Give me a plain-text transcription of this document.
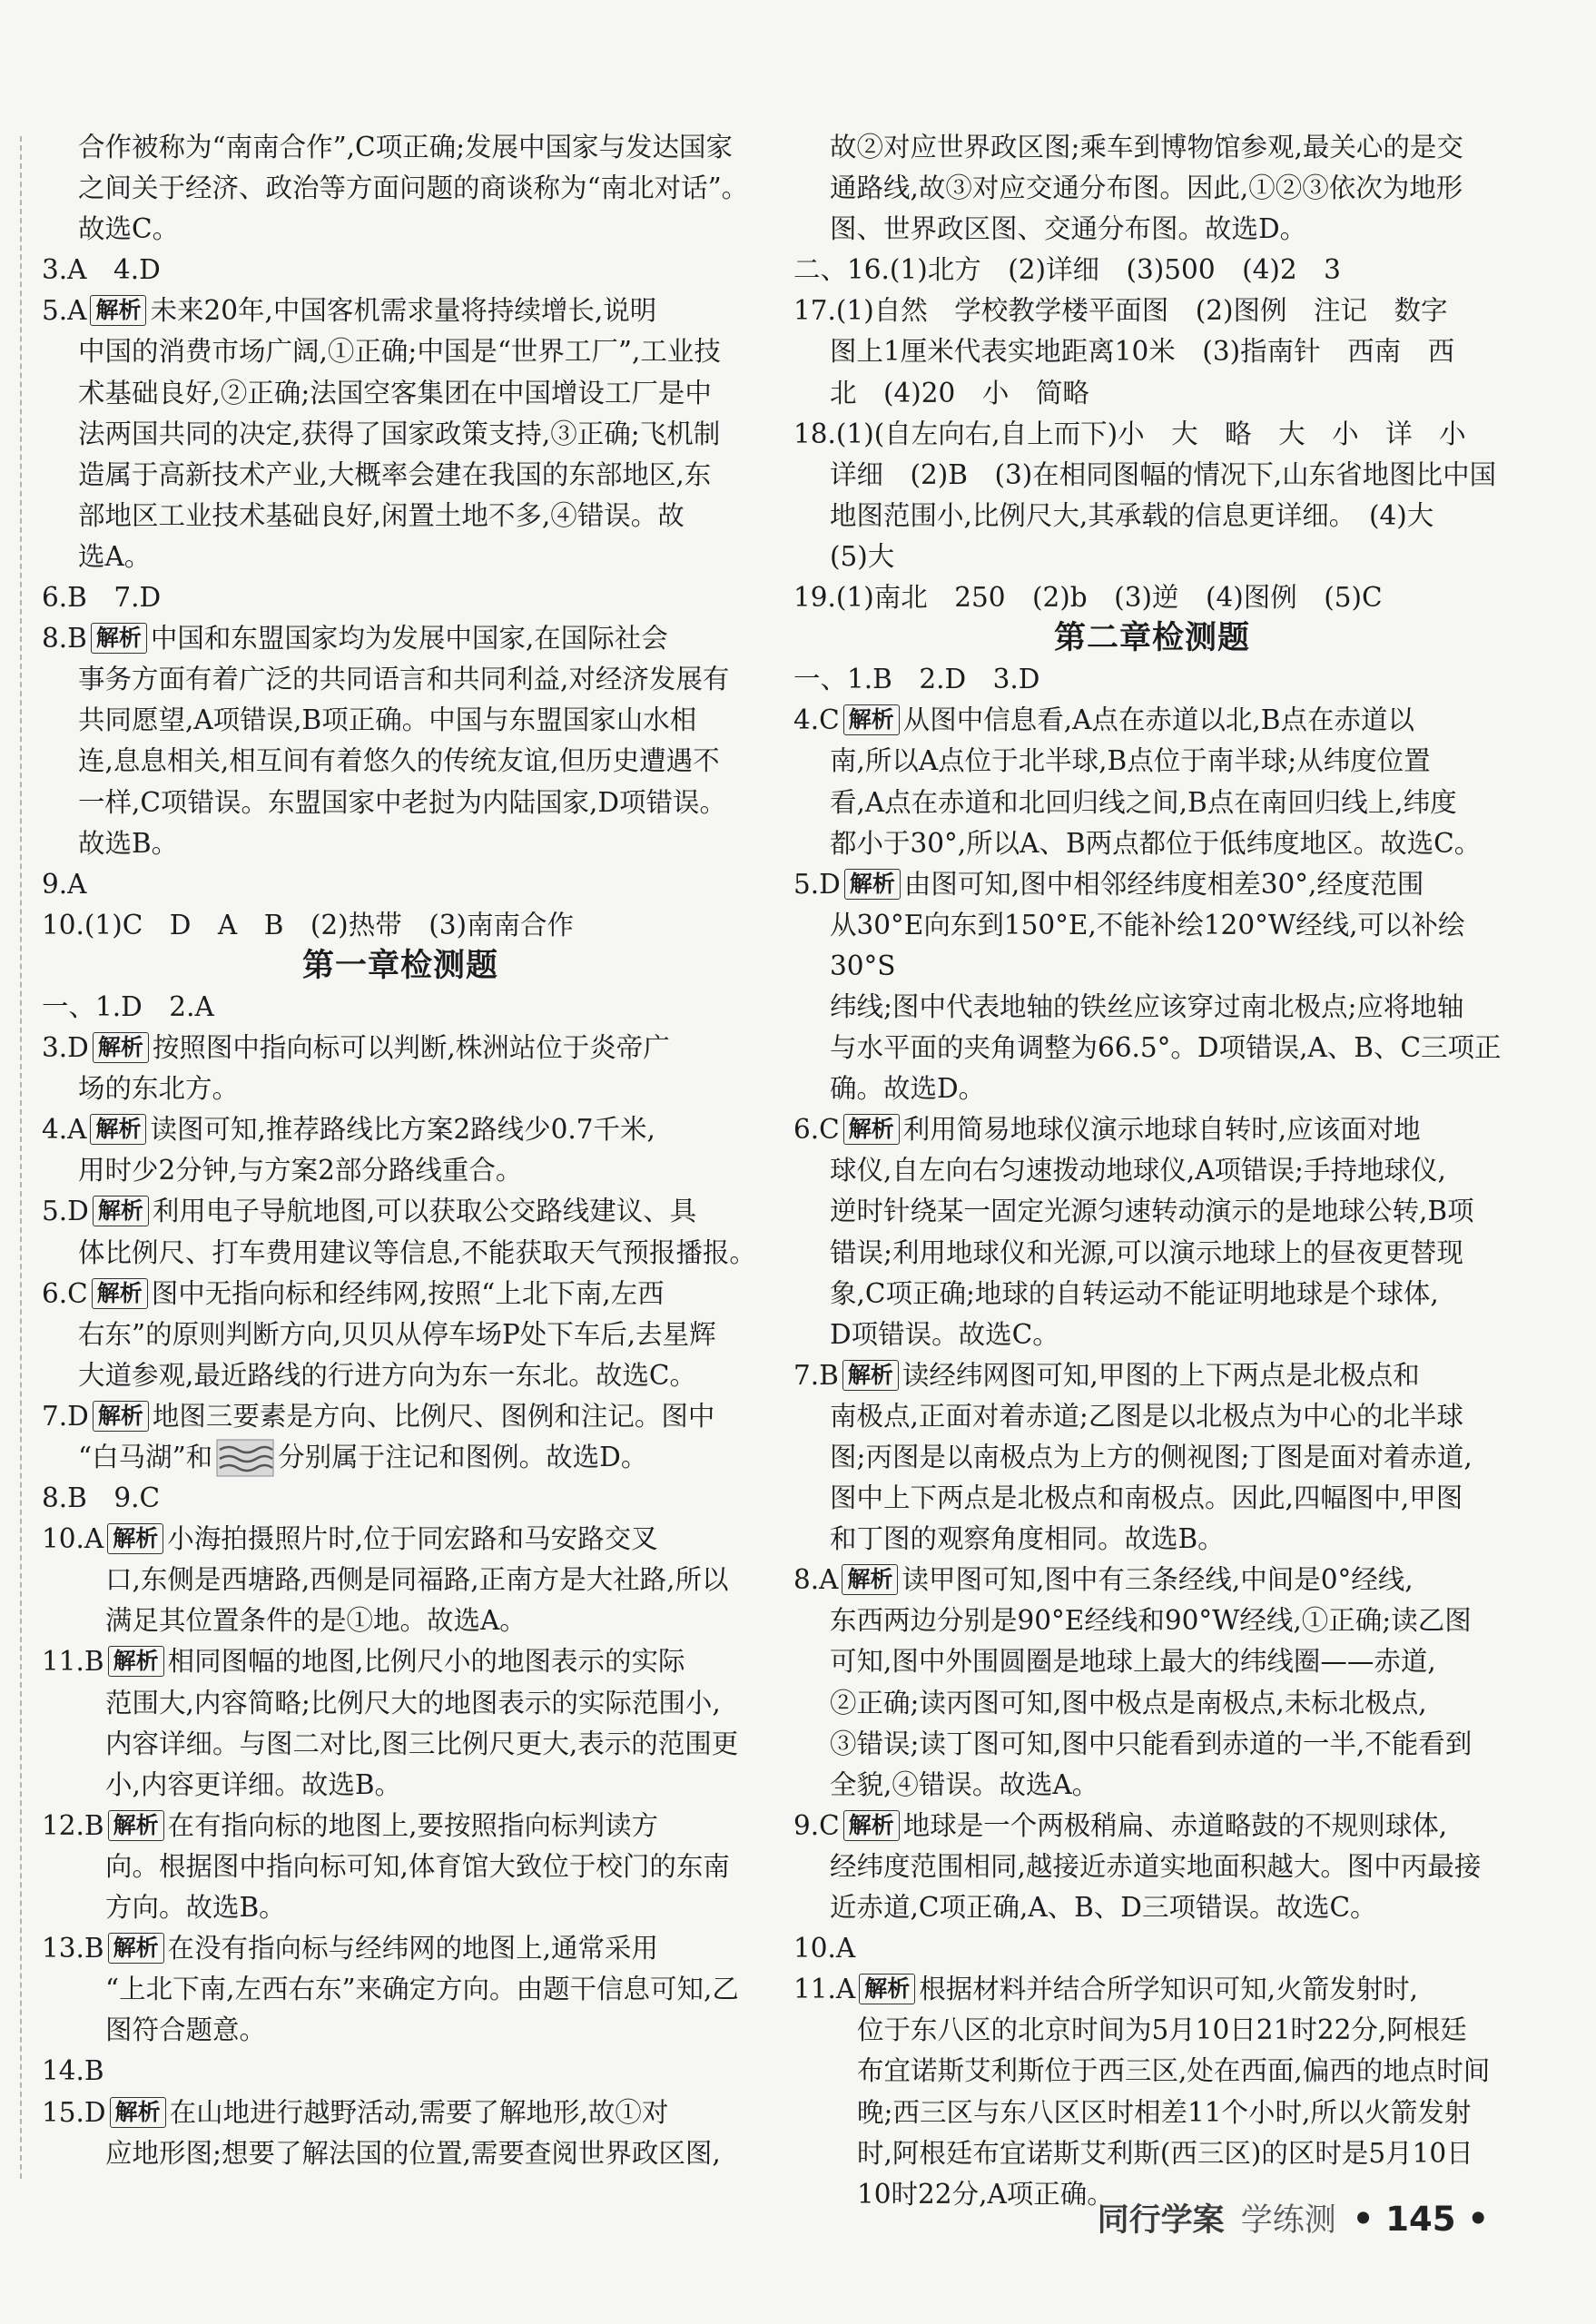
合作被称为“南南合作”,C项正确;发展中国家与发达国家

之间关于经济、政治等方面问题的商谈称为“南北对话”。

故选C。

3.A　4.D

5.A 解析 未来20年,中国客机需求量将持续增长,说明

中国的消费市场广阔,①正确;中国是“世界工厂”,工业技

术基础良好,②正确;法国空客集团在中国增设工厂是中

法两国共同的决定,获得了国家政策支持,③正确;飞机制

造属于高新技术产业,大概率会建在我国的东部地区,东

部地区工业技术基础良好,闲置土地不多,④错误。故

选A。

6.B　7.D

8.B 解析 中国和东盟国家均为发展中国家,在国际社会

事务方面有着广泛的共同语言和共同利益,对经济发展有

共同愿望,A项错误,B项正确。中国与东盟国家山水相

连,息息相关,相互间有着悠久的传统友谊,但历史遭遇不

一样,C项错误。东盟国家中老挝为内陆国家,D项错误。

故选B。

9.A

10.(1)C　D　A　B　(2)热带　(3)南南合作

第一章检测题

一、1.D　2.A

3.D 解析 按照图中指向标可以判断,株洲站位于炎帝广

场的东北方。

4.A 解析 读图可知,推荐路线比方案2路线少0.7千米,

用时少2分钟,与方案2部分路线重合。

5.D 解析 利用电子导航地图,可以获取公交路线建议、具

体比例尺、打车费用建议等信息,不能获取天气预报播报。

6.C 解析 图中无指向标和经纬网,按照“上北下南,左西

右东”的原则判断方向,贝贝从停车场P处下车后,去星辉

大道参观,最近路线的行进方向为东一东北。故选C。

7.D 解析 地图三要素是方向、比例尺、图例和注记。图中

“白马湖”和 分别属于注记和图例。故选D。

8.B　9.C

10.A 解析 小海拍摄照片时,位于同宏路和马安路交叉

口,东侧是西塘路,西侧是同福路,正南方是大社路,所以

满足其位置条件的是①地。故选A。

11.B 解析 相同图幅的地图,比例尺小的地图表示的实际

范围大,内容简略;比例尺大的地图表示的实际范围小,

内容详细。与图二对比,图三比例尺更大,表示的范围更

小,内容更详细。故选B。

12.B 解析 在有指向标的地图上,要按照指向标判读方

向。根据图中指向标可知,体育馆大致位于校门的东南

方向。故选B。

13.B 解析 在没有指向标与经纬网的地图上,通常采用

“上北下南,左西右东”来确定方向。由题干信息可知,乙

图符合题意。

14.B

15.D 解析 在山地进行越野活动,需要了解地形,故①对

应地形图;想要了解法国的位置,需要查阅世界政区图,

故②对应世界政区图;乘车到博物馆参观,最关心的是交

通路线,故③对应交通分布图。因此,①②③依次为地形

图、世界政区图、交通分布图。故选D。

二、16.(1)北方　(2)详细　(3)500　(4)2　3

17.(1)自然　学校教学楼平面图　(2)图例　注记　数字

图上1厘米代表实地距离10米　(3)指南针　西南　西

北　(4)20　小　简略

18.(1)(自左向右,自上而下)小　大　略　大　小　详　小

详细　(2)B　(3)在相同图幅的情况下,山东省地图比中国

地图范围小,比例尺大,其承载的信息更详细。　(4)大

(5)大

19.(1)南北　250　(2)b　(3)逆　(4)图例　(5)C

第二章检测题

一、1.B　2.D　3.D

4.C 解析 从图中信息看,A点在赤道以北,B点在赤道以

南,所以A点位于北半球,B点位于南半球;从纬度位置

看,A点在赤道和北回归线之间,B点在南回归线上,纬度

都小于30°,所以A、B两点都位于低纬度地区。故选C。

5.D 解析 由图可知,图中相邻经纬度相差30°,经度范围

从30°E向东到150°E,不能补绘120°W经线,可以补绘30°S

纬线;图中代表地轴的铁丝应该穿过南北极点;应将地轴

与水平面的夹角调整为66.5°。D项错误,A、B、C三项正

确。故选D。

6.C 解析 利用简易地球仪演示地球自转时,应该面对地

球仪,自左向右匀速拨动地球仪,A项错误;手持地球仪,

逆时针绕某一固定光源匀速转动演示的是地球公转,B项

错误;利用地球仪和光源,可以演示地球上的昼夜更替现

象,C项正确;地球的自转运动不能证明地球是个球体,

D项错误。故选C。

7.B 解析 读经纬网图可知,甲图的上下两点是北极点和

南极点,正面对着赤道;乙图是以北极点为中心的北半球

图;丙图是以南极点为上方的侧视图;丁图是面对着赤道,

图中上下两点是北极点和南极点。因此,四幅图中,甲图

和丁图的观察角度相同。故选B。

8.A 解析 读甲图可知,图中有三条经线,中间是0°经线,

东西两边分别是90°E经线和90°W经线,①正确;读乙图

可知,图中外围圆圈是地球上最大的纬线圈——赤道,

②正确;读丙图可知,图中极点是南极点,未标北极点,

③错误;读丁图可知,图中只能看到赤道的一半,不能看到

全貌,④错误。故选A。

9.C 解析 地球是一个两极稍扁、赤道略鼓的不规则球体,

经纬度范围相同,越接近赤道实地面积越大。图中丙最接

近赤道,C项正确,A、B、D三项错误。故选C。

10.A

11.A 解析 根据材料并结合所学知识可知,火箭发射时,

位于东八区的北京时间为5月10日21时22分,阿根廷

布宜诺斯艾利斯位于西三区,处在西面,偏西的地点时间

晚;西三区与东八区区时相差11个小时,所以火箭发射

时,阿根廷布宜诺斯艾利斯(西三区)的区时是5月10日

10时22分,A项正确。

同行学案 学练测 • 145 •
